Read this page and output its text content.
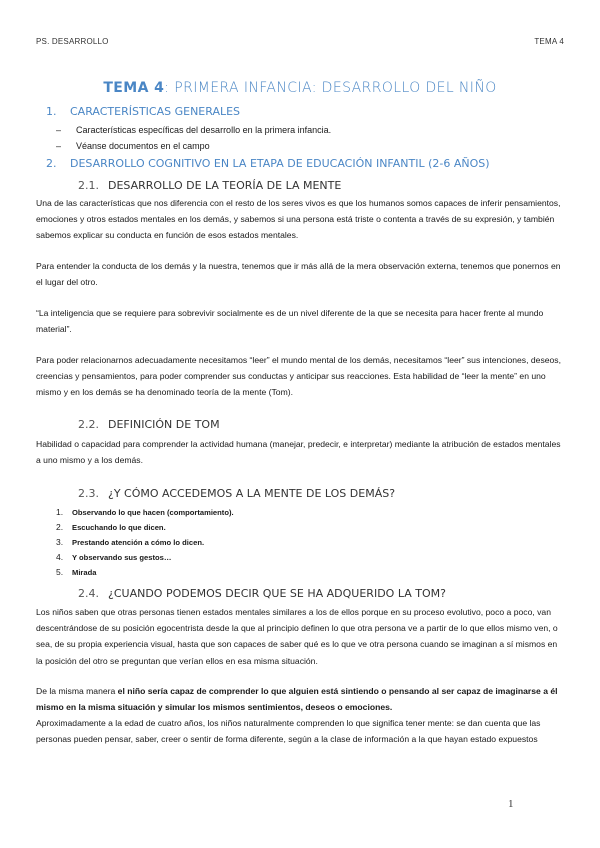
PS. DESARROLLO	TEMA 4
TEMA 4: PRIMERA INFANCIA: DESARROLLO DEL NIÑO
1. CARACTERÍSTICAS GENERALES
– Características específicas del desarrollo en la primera infancia.
– Véanse documentos en el campo
2. DESARROLLO COGNITIVO EN LA ETAPA DE EDUCACIÓN INFANTIL (2-6 AÑOS)
2.1. DESARROLLO DE LA TEORÍA DE LA MENTE
Una de las características que nos diferencia con el resto de los seres vivos es que los humanos somos capaces de inferir pensamientos, emociones y otros estados mentales en los demás, y sabemos si una persona está triste o contenta a través de su expresión, y también sabemos explicar su conducta en función de esos estados mentales.
Para entender la conducta de los demás y la nuestra, tenemos que ir más allá de la mera observación externa, tenemos que ponernos en el lugar del otro.
“La inteligencia que se requiere para sobrevivir socialmente es de un nivel diferente de la que se necesita para hacer frente al mundo material”.
Para poder relacionarnos adecuadamente necesitamos “leer” el mundo mental de los demás, necesitamos “leer” sus intenciones, deseos, creencias y pensamientos, para poder comprender sus conductas y anticipar sus reacciones. Esta habilidad de “leer la mente” en uno mismo y en los demás se ha denominado teoría de la mente (Tom).
2.2. DEFINICIÓN DE TOM
Habilidad o capacidad para comprender la actividad humana (manejar, predecir, e interpretar) mediante la atribución de estados mentales a uno mismo y a los demás.
2.3. ¿Y CÓMO ACCEDEMOS A LA MENTE DE LOS DEMÁS?
1. Observando lo que hacen (comportamiento).
2. Escuchando lo que dicen.
3. Prestando atención a cómo lo dicen.
4. Y observando sus gestos…
5. Mirada
2.4. ¿CUANDO PODEMOS DECIR QUE SE HA ADQUERIDO LA TOM?
Los niños saben que otras personas tienen estados mentales similares a los de ellos porque en su proceso evolutivo, poco a poco, van descentrándose de su posición egocentrista desde la que al principio definen lo que otra persona ve a partir de lo que ellos mismo ven, o sea, de su propia experiencia visual, hasta que son capaces de saber qué es lo que ve otra persona cuando se imaginan a sí mismos en la posición del otro se preguntan que verían ellos en esa misma situación.
De la misma manera el niño sería capaz de comprender lo que alguien está sintiendo o pensando al ser capaz de imaginarse a él mismo en la misma situación y simular los mismos sentimientos, deseos o emociones.
Aproximadamente a la edad de cuatro años, los niños naturalmente comprenden lo que significa tener mente: se dan cuenta que las personas pueden pensar, saber, creer o sentir de forma diferente, según a la clase de información a la que hayan estado expuestos
1
